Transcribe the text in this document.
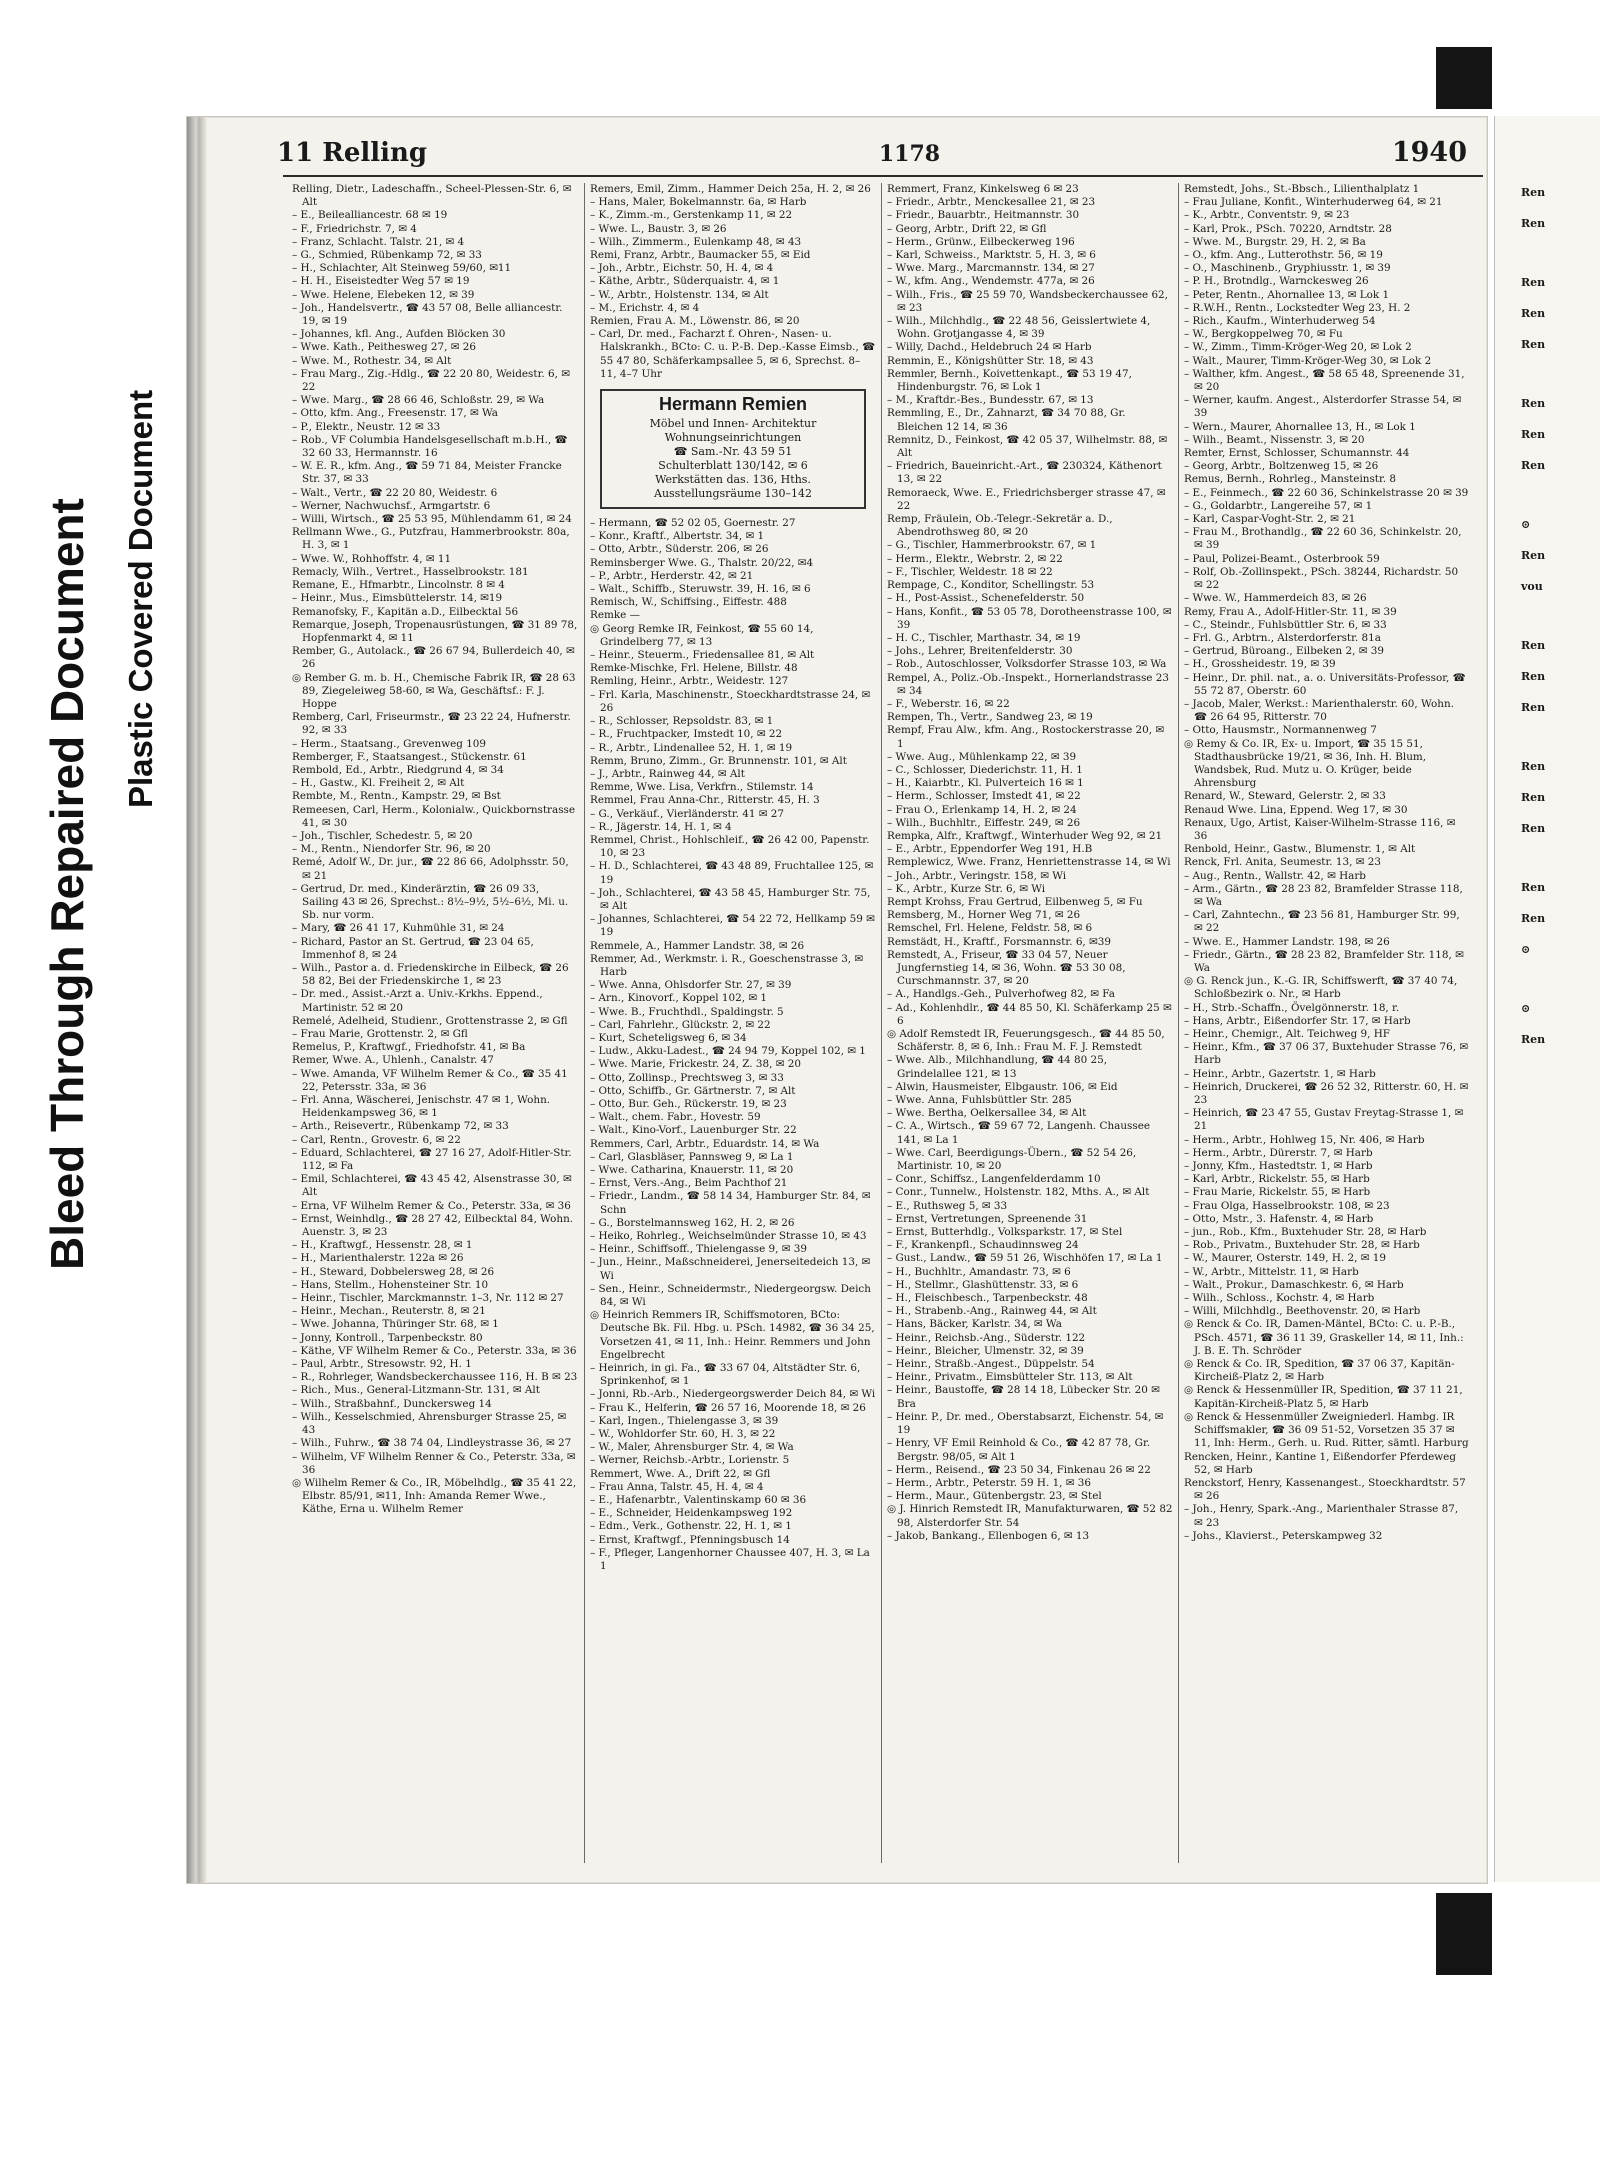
Bleed Through Repaired Document Plastic Covered Document
11 Relling	1178	1940

Relling, Dietr., Ladeschaffn., Scheel-Plessen-Str. 6, ✉ Alt

– E., Beilealliancestr. 68 ✉ 19

– F., Friedrichstr. 7, ✉ 4

– Franz, Schlacht. Talstr. 21, ✉ 4

– G., Schmied, Rübenkamp 72, ✉ 33

– H., Schlachter, Alt Steinweg 59/60, ✉11

– H. H., Eiseistedter Weg 57 ✉ 19

– Wwe. Helene, Elebeken 12, ✉ 39

– Joh., Handelsvertr., ☎ 43 57 08, Belle alliancestr. 19, ✉ 19

– Johannes, kfl. Ang., Aufden Blöcken 30

– Wwe. Kath., Peithesweg 27, ✉ 26

– Wwe. M., Rothestr. 34, ✉ Alt

– Frau Marg., Zig.-Hdlg., ☎ 22 20 80, Weidestr. 6, ✉ 22

– Wwe. Marg., ☎ 28 66 46, Schloßstr. 29, ✉ Wa

– Otto, kfm. Ang., Freesenstr. 17, ✉ Wa

– P., Elektr., Neustr. 12 ✉ 33

– Rob., VF Columbia Handelsgesellschaft m.b.H., ☎ 32 60 33, Hermannstr. 16

– W. E. R., kfm. Ang., ☎ 59 71 84, Meister Francke Str. 37, ✉ 33

– Walt., Vertr., ☎ 22 20 80, Weidestr. 6

– Werner, Nachwuchsf., Armgartstr. 6

– Willi, Wirtsch., ☎ 25 53 95, Mühlendamm 61, ✉ 24

Rellmann Wwe., G., Putzfrau, Hammerbrookstr. 80a, H. 3, ✉ 1

– Wwe. W., Rohhoffstr. 4, ✉ 11

Remacly, Wilh., Vertret., Hasselbrookstr. 181

Remane, E., Hfmarbtr., Lincolnstr. 8 ✉ 4

– Heinr., Mus., Eimsbüttelerstr. 14, ✉19

Remanofsky, F., Kapitän a.D., Eilbecktal 56

Remarque, Joseph, Tropenausrüstungen, ☎ 31 89 78, Hopfenmarkt 4, ✉ 11

Rember, G., Autolack., ☎ 26 67 94, Bullerdeich 40, ✉ 26

◎ Rember G. m. b. H., Chemische Fabrik IR, ☎ 28 63 89, Ziegeleiweg 58-60, ✉ Wa, Geschäftsf.: F. J. Hoppe

Remberg, Carl, Friseurmstr., ☎ 23 22 24, Hufnerstr. 92, ✉ 33

– Herm., Staatsang., Grevenweg 109

Remberger, F., Staatsangest., Stückenstr. 61

Rembold, Ed., Arbtr., Riedgrund 4, ✉ 34

– H., Gastw., Kl. Freiheit 2, ✉ Alt

Rembte, M., Rentn., Kampstr. 29, ✉ Bst

Remeesen, Carl, Herm., Kolonialw., Quickbornstrasse 41, ✉ 30

– Joh., Tischler, Schedestr. 5, ✉ 20

– M., Rentn., Niendorfer Str. 96, ✉ 20

Remé, Adolf W., Dr. jur., ☎ 22 86 66, Adolphsstr. 50, ✉ 21

– Gertrud, Dr. med., Kinderärztin, ☎ 26 09 33, Sailing 43 ✉ 26, Sprechst.: 8½–9½, 5½–6½, Mi. u. Sb. nur vorm.

– Mary, ☎ 26 41 17, Kuhmühle 31, ✉ 24

– Richard, Pastor an St. Gertrud, ☎ 23 04 65, Immenhof 8, ✉ 24

– Wilh., Pastor a. d. Friedenskirche in Eilbeck, ☎ 26 58 82, Bei der Friedenskirche 1, ✉ 23

– Dr. med., Assist.-Arzt a. Univ.-Krkhs. Eppend., Martinistr. 52 ✉ 20

Remelé, Adelheid, Studienr., Grottenstrasse 2, ✉ Gfl

– Frau Marie, Grottenstr. 2, ✉ Gfl

Remelus, P., Kraftwgf., Friedhofstr. 41, ✉ Ba

Remer, Wwe. A., Uhlenh., Canalstr. 47

– Wwe. Amanda, VF Wilhelm Remer & Co., ☎ 35 41 22, Petersstr. 33a, ✉ 36

– Frl. Anna, Wäscherei, Jenischstr. 47 ✉ 1, Wohn. Heidenkampsweg 36, ✉ 1

– Arth., Reisevertr., Rübenkamp 72, ✉ 33

– Carl, Rentn., Grovestr. 6, ✉ 22

– Eduard, Schlachterei, ☎ 27 16 27, Adolf-Hitler-Str. 112, ✉ Fa

– Emil, Schlachterei, ☎ 43 45 42, Alsenstrasse 30, ✉ Alt

– Erna, VF Wilhelm Remer & Co., Peterstr. 33a, ✉ 36

– Ernst, Weinhdlg., ☎ 28 27 42, Eilbecktal 84, Wohn. Auenstr. 3, ✉ 23

– H., Kraftwgf., Hessenstr. 28, ✉ 1

– H., Marienthalerstr. 122a ✉ 26

– H., Steward, Dobbelersweg 28, ✉ 26

– Hans, Stellm., Hohensteiner Str. 10

– Heinr., Tischler, Marckmannstr. 1–3, Nr. 112 ✉ 27

– Heinr., Mechan., Reuterstr. 8, ✉ 21

– Wwe. Johanna, Thüringer Str. 68, ✉ 1

– Jonny, Kontroll., Tarpenbeckstr. 80

– Käthe, VF Wilhelm Remer & Co., Peterstr. 33a, ✉ 36

– Paul, Arbtr., Stresowstr. 92, H. 1

– R., Rohrleger, Wandsbeckerchaussee 116, H. B ✉ 23

– Rich., Mus., General-Litzmann-Str. 131, ✉ Alt

– Wilh., Straßbahnf., Dunckersweg 14

– Wilh., Kesselschmied, Ahrensburger Strasse 25, ✉ 43

– Wilh., Fuhrw., ☎ 38 74 04, Lindleystrasse 36, ✉ 27

– Wilhelm, VF Wilhelm Renner & Co., Peterstr. 33a, ✉ 36

◎ Wilhelm Remer & Co., IR, Möbelhdlg., ☎ 35 41 22, Elbstr. 85/91, ✉11, Inh: Amanda Remer Wwe., Käthe, Erna u. Wilhelm Remer

Remers, Emil, Zimm., Hammer Deich 25a, H. 2, ✉ 26

– Hans, Maler, Bokelmannstr. 6a, ✉ Harb

– K., Zimm.-m., Gerstenkamp 11, ✉ 22

– Wwe. L., Baustr. 3, ✉ 26

– Wilh., Zimmerm., Eulenkamp 48, ✉ 43

Remi, Franz, Arbtr., Baumacker 55, ✉ Eid

– Joh., Arbtr., Eichstr. 50, H. 4, ✉ 4

– Käthe, Arbtr., Süderquaistr. 4, ✉ 1

– W., Arbtr., Holstenstr. 134, ✉ Alt

– M., Erichstr. 4, ✉ 4

Remien, Frau A. M., Löwenstr. 86, ✉ 20

– Carl, Dr. med., Facharzt f. Ohren-, Nasen- u. Halskrankh., BCto: C. u. P.-B. Dep.-Kasse Eimsb., ☎ 55 47 80, Schäferkampsallee 5, ✉ 6, Sprechst. 8–11, 4–7 Uhr

Hermann Remien
Möbel und Innen- Architektur
Wohnungseinrichtungen
☎ Sam.-Nr. 43 59 51
Schulterblatt 130/142, ✉ 6
Werkstätten das. 136, Hths.
Ausstellungsräume 130–142

– Hermann, ☎ 52 02 05, Goernestr. 27

– Konr., Kraftf., Albertstr. 34, ✉ 1

– Otto, Arbtr., Süderstr. 206, ✉ 26

Reminsberger Wwe. G., Thalstr. 20/22, ✉4

– P., Arbtr., Herderstr. 42, ✉ 21

– Walt., Schiffb., Steruwstr. 39, H. 16, ✉ 6

Remisch, W., Schiffsing., Eiffestr. 488

Remke —

◎ Georg Remke IR, Feinkost, ☎ 55 60 14, Grindelberg 77, ✉ 13

– Heinr., Steuerm., Friedensallee 81, ✉ Alt

Remke-Mischke, Frl. Helene, Billstr. 48

Remling, Heinr., Arbtr., Weidestr. 127

– Frl. Karla, Maschinenstr., Stoeckhardtstrasse 24, ✉ 26

– R., Schlosser, Repsoldstr. 83, ✉ 1

– R., Fruchtpacker, Imstedt 10, ✉ 22

– R., Arbtr., Lindenallee 52, H. 1, ✉ 19

Remm, Bruno, Zimm., Gr. Brunnenstr. 101, ✉ Alt

– J., Arbtr., Rainweg 44, ✉ Alt

Remme, Wwe. Lisa, Verkfrn., Stilemstr. 14

Remmel, Frau Anna-Chr., Ritterstr. 45, H. 3

– G., Verkäuf., Vierländerstr. 41 ✉ 27

– R., Jägerstr. 14, H. 1, ✉ 4

Remmel, Christ., Hohlschleif., ☎ 26 42 00, Papenstr. 10, ✉ 23

– H. D., Schlachterei, ☎ 43 48 89, Fruchtallee 125, ✉ 19

– Joh., Schlachterei, ☎ 43 58 45, Hamburger Str. 75, ✉ Alt

– Johannes, Schlachterei, ☎ 54 22 72, Hellkamp 59 ✉ 19

Remmele, A., Hammer Landstr. 38, ✉ 26

Remmer, Ad., Werkmstr. i. R., Goeschenstrasse 3, ✉ Harb

– Wwe. Anna, Ohlsdorfer Str. 27, ✉ 39

– Arn., Kinovorf., Koppel 102, ✉ 1

– Wwe. B., Fruchthdl., Spaldingstr. 5

– Carl, Fahrlehr., Glückstr. 2, ✉ 22

– Kurt, Scheteligsweg 6, ✉ 34

– Ludw., Akku-Ladest., ☎ 24 94 79, Koppel 102, ✉ 1

– Wwe. Marie, Frickestr. 24, Z. 38, ✉ 20

– Otto, Zollinsp., Prechtsweg 3, ✉ 33

– Otto, Schiffb., Gr. Gärtnerstr. 7, ✉ Alt

– Otto, Bur. Geh., Rückerstr. 19, ✉ 23

– Walt., chem. Fabr., Hovestr. 59

– Walt., Kino-Vorf., Lauenburger Str. 22

Remmers, Carl, Arbtr., Eduardstr. 14, ✉ Wa

– Carl, Glasbläser, Pannsweg 9, ✉ La 1

– Wwe. Catharina, Knauerstr. 11, ✉ 20

– Ernst, Vers.-Ang., Beim Pachthof 21

– Friedr., Landm., ☎ 58 14 34, Hamburger Str. 84, ✉ Schn

– G., Borstelmannsweg 162, H. 2, ✉ 26

– Heiko, Rohrleg., Weichselmünder Strasse 10, ✉ 43

– Heinr., Schiffsoff., Thielengasse 9, ✉ 39

– Jun., Heinr., Maßschneiderei, Jenerseitedeich 13, ✉ Wi

– Sen., Heinr., Schneidermstr., Niedergeorgsw. Deich 84, ✉ Wi

◎ Heinrich Remmers IR, Schiffsmotoren, BCto: Deutsche Bk. Fil. Hbg. u. PSch. 14982, ☎ 36 34 25, Vorsetzen 41, ✉ 11, Inh.: Heinr. Remmers und John Engelbrecht

– Heinrich, in gi. Fa., ☎ 33 67 04, Altstädter Str. 6, Sprinkenhof, ✉ 1

– Jonni, Rb.-Arb., Niedergeorgswerder Deich 84, ✉ Wi

– Frau K., Helferin, ☎ 26 57 16, Moorende 18, ✉ 26

– Karl, Ingen., Thielengasse 3, ✉ 39

– W., Wohldorfer Str. 60, H. 3, ✉ 22

– W., Maler, Ahrensburger Str. 4, ✉ Wa

– Werner, Reichsb.-Arbtr., Lorienstr. 5

Remmert, Wwe. A., Drift 22, ✉ Gfl

– Frau Anna, Talstr. 45, H. 4, ✉ 4

– E., Hafenarbtr., Valentinskamp 60 ✉ 36

– E., Schneider, Heidenkampsweg 192

– Edm., Verk., Gothenstr. 22, H. 1, ✉ 1

– Ernst, Kraftwgf., Pfenningsbusch 14

– F., Pfleger, Langenhorner Chaussee 407, H. 3, ✉ La 1

Remmert, Franz, Kinkelsweg 6 ✉ 23

– Friedr., Arbtr., Menckesallee 21, ✉ 23

– Friedr., Bauarbtr., Heitmannstr. 30

– Georg, Arbtr., Drift 22, ✉ Gfl

– Herm., Grünw., Eilbeckerweg 196

– Karl, Schweiss., Marktstr. 5, H. 3, ✉ 6

– Wwe. Marg., Marcmannstr. 134, ✉ 27

– W., kfm. Ang., Wendemstr. 477a, ✉ 26

– Wilh., Fris., ☎ 25 59 70, Wandsbeckerchaussee 62, ✉ 23

– Wilh., Milchhdlg., ☎ 22 48 56, Geisslertwiete 4, Wohn. Grotjangasse 4, ✉ 39

– Willy, Dachd., Heldebruch 24 ✉ Harb

Remmin, E., Königshütter Str. 18, ✉ 43

Remmler, Bernh., Koivettenkapt., ☎ 53 19 47, Hindenburgstr. 76, ✉ Lok 1

– M., Kraftdr.-Bes., Bundesstr. 67, ✉ 13

Remmling, E., Dr., Zahnarzt, ☎ 34 70 88, Gr. Bleichen 12 14, ✉ 36

Remnitz, D., Feinkost, ☎ 42 05 37, Wilhelmstr. 88, ✉ Alt

– Friedrich, Baueinricht.-Art., ☎ 230324, Käthenort 13, ✉ 22

Remoraeck, Wwe. E., Friedrichsberger strasse 47, ✉ 22

Remp, Fräulein, Ob.-Telegr.-Sekretär a. D., Abendrothsweg 80, ✉ 20

– G., Tischler, Hammerbrookstr. 67, ✉ 1

– Herm., Elektr., Webrstr. 2, ✉ 22

– F., Tischler, Weldestr. 18 ✉ 22

Rempage, C., Konditor, Schellingstr. 53

– H., Post-Assist., Schenefelderstr. 50

– Hans, Konfit., ☎ 53 05 78, Dorotheenstrasse 100, ✉ 39

– H. C., Tischler, Marthastr. 34, ✉ 19

– Johs., Lehrer, Breitenfelderstr. 30

– Rob., Autoschlosser, Volksdorfer Strasse 103, ✉ Wa

Rempel, A., Poliz.-Ob.-Inspekt., Hornerlandstrasse 23 ✉ 34

– F., Weberstr. 16, ✉ 22

Rempen, Th., Vertr., Sandweg 23, ✉ 19

Rempf, Frau Alw., kfm. Ang., Rostockerstrasse 20, ✉ 1

– Wwe. Aug., Mühlenkamp 22, ✉ 39

– C., Schlosser, Diederichstr. 11, H. 1

– H., Kaiarbtr., Kl. Pulverteich 16 ✉ 1

– Herm., Schlosser, Imstedt 41, ✉ 22

– Frau O., Erlenkamp 14, H. 2, ✉ 24

– Wilh., Buchhltr., Eiffestr. 249, ✉ 26

Rempka, Alfr., Kraftwgf., Winterhuder Weg 92, ✉ 21

– E., Arbtr., Eppendorfer Weg 191, H.B

Remplewicz, Wwe. Franz, Henriettenstrasse 14, ✉ Wi

– Joh., Arbtr., Veringstr. 158, ✉ Wi

– K., Arbtr., Kurze Str. 6, ✉ Wi

Rempt Krohss, Frau Gertrud, Eilbenweg 5, ✉ Fu

Remsberg, M., Horner Weg 71, ✉ 26

Remschel, Frl. Helene, Feldstr. 58, ✉ 6

Remstädt, H., Kraftf., Forsmannstr. 6, ✉39

Remstedt, A., Friseur, ☎ 33 04 57, Neuer Jungfernstieg 14, ✉ 36, Wohn. ☎ 53 30 08, Curschmannstr. 37, ✉ 20

– A., Handlgs.-Geh., Pulverhofweg 82, ✉ Fa

– Ad., Kohlenhdlr., ☎ 44 85 50, Kl. Schäferkamp 25 ✉ 6

◎ Adolf Remstedt IR, Feuerungsgesch., ☎ 44 85 50, Schäferstr. 8, ✉ 6, Inh.: Frau M. F. J. Remstedt

– Wwe. Alb., Milchhandlung, ☎ 44 80 25, Grindelallee 121, ✉ 13

– Alwin, Hausmeister, Elbgaustr. 106, ✉ Eid

– Wwe. Anna, Fuhlsbüttler Str. 285

– Wwe. Bertha, Oelkersallee 34, ✉ Alt

– C. A., Wirtsch., ☎ 59 67 72, Langenh. Chaussee 141, ✉ La 1

– Wwe. Carl, Beerdigungs-Übern., ☎ 52 54 26, Martinistr. 10, ✉ 20

– Conr., Schiffsz., Langenfelderdamm 10

– Conr., Tunnelw., Holstenstr. 182, Mths. A., ✉ Alt

– E., Ruthsweg 5, ✉ 33

– Ernst, Vertretungen, Spreenende 31

– Ernst, Butterhdlg., Volksparkstr. 17, ✉ Stel

– F., Krankenpfl., Schaudinnsweg 24

– Gust., Landw., ☎ 59 51 26, Wischhöfen 17, ✉ La 1

– H., Buchhltr., Amandastr. 73, ✉ 6

– H., Stellmr., Glashüttenstr. 33, ✉ 6

– H., Fleischbesch., Tarpenbeckstr. 48

– H., Strabenb.-Ang., Rainweg 44, ✉ Alt

– Hans, Bäcker, Karlstr. 34, ✉ Wa

– Heinr., Reichsb.-Ang., Süderstr. 122

– Heinr., Bleicher, Ulmenstr. 32, ✉ 39

– Heinr., Straßb.-Angest., Düppelstr. 54

– Heinr., Privatm., Eimsbütteler Str. 113, ✉ Alt

– Heinr., Baustoffe, ☎ 28 14 18, Lübecker Str. 20 ✉ Bra

– Heinr. P., Dr. med., Oberstabsarzt, Eichenstr. 54, ✉ 19

– Henry, VF Emil Reinhold & Co., ☎ 42 87 78, Gr. Bergstr. 98/05, ✉ Alt 1

– Herm., Reisend., ☎ 23 50 34, Finkenau 26 ✉ 22

– Herm., Arbtr., Peterstr. 59 H. 1, ✉ 36

– Herm., Maur., Gütenbergstr. 23, ✉ Stel

◎ J. Hinrich Remstedt IR, Manufakturwaren, ☎ 52 82 98, Alsterdorfer Str. 54

– Jakob, Bankang., Ellenbogen 6, ✉ 13

Remstedt, Johs., St.-Bbsch., Lilienthalplatz 1

– Frau Juliane, Konfit., Winterhuderweg 64, ✉ 21

– K., Arbtr., Conventstr. 9, ✉ 23

– Karl, Prok., PSch. 70220, Arndtstr. 28

– Wwe. M., Burgstr. 29, H. 2, ✉ Ba

– O., kfm. Ang., Lutterothstr. 56, ✉ 19

– O., Maschinenb., Gryphiusstr. 1, ✉ 39

– P. H., Brotndlg., Warnckesweg 26

– Peter, Rentn., Ahornallee 13, ✉ Lok 1

– R.W.H., Rentn., Lockstedter Weg 23, H. 2

– Rich., Kaufm., Winterhuderweg 54

– W., Bergkoppelweg 70, ✉ Fu

– W., Zimm., Timm-Kröger-Weg 20, ✉ Lok 2

– Walt., Maurer, Timm-Kröger-Weg 30, ✉ Lok 2

– Walther, kfm. Angest., ☎ 58 65 48, Spreenende 31, ✉ 20

– Werner, kaufm. Angest., Alsterdorfer Strasse 54, ✉ 39

– Wern., Maurer, Ahornallee 13, H., ✉ Lok 1

– Wilh., Beamt., Nissenstr. 3, ✉ 20

Remter, Ernst, Schlosser, Schumannstr. 44

– Georg, Arbtr., Boltzenweg 15, ✉ 26

Remus, Bernh., Rohrleg., Mansteinstr. 8

– E., Feinmech., ☎ 22 60 36, Schinkelstrasse 20 ✉ 39

– G., Goldarbtr., Langereihe 57, ✉ 1

– Karl, Caspar-Voght-Str. 2, ✉ 21

– Frau M., Brothandlg., ☎ 22 60 36, Schinkelstr. 20, ✉ 39

– Paul, Polizei-Beamt., Osterbrook 59

– Rolf, Ob.-Zollinspekt., PSch. 38244, Richardstr. 50 ✉ 22

– Wwe. W., Hammerdeich 83, ✉ 26

Remy, Frau A., Adolf-Hitler-Str. 11, ✉ 39

– C., Steindr., Fuhlsbüttler Str. 6, ✉ 33

– Frl. G., Arbtrn., Alsterdorferstr. 81a

– Gertrud, Büroang., Eilbeken 2, ✉ 39

– H., Grossheidestr. 19, ✉ 39

– Heinr., Dr. phil. nat., a. o. Universitäts-Professor, ☎ 55 72 87, Oberstr. 60

– Jacob, Maler, Werkst.: Marienthalerstr. 60, Wohn. ☎ 26 64 95, Ritterstr. 70

– Otto, Hausmstr., Normannenweg 7

◎ Remy & Co. IR, Ex- u. Import, ☎ 35 15 51, Stadthausbrücke 19/21, ✉ 36, Inh. H. Blum, Wandsbek, Rud. Mutz u. O. Krüger, beide Ahrensburg

Renard, W., Steward, Gelerstr. 2, ✉ 33

Renaud Wwe. Lina, Eppend. Weg 17, ✉ 30

Renaux, Ugo, Artist, Kaiser-Wilhelm-Strasse 116, ✉ 36

Renbold, Heinr., Gastw., Blumenstr. 1, ✉ Alt

Renck, Frl. Anita, Seumestr. 13, ✉ 23

– Aug., Rentn., Wallstr. 42, ✉ Harb

– Arm., Gärtn., ☎ 28 23 82, Bramfelder Strasse 118, ✉ Wa

– Carl, Zahntechn., ☎ 23 56 81, Hamburger Str. 99, ✉ 22

– Wwe. E., Hammer Landstr. 198, ✉ 26

– Friedr., Gärtn., ☎ 28 23 82, Bramfelder Str. 118, ✉ Wa

◎ G. Renck jun., K.-G. IR, Schiffswerft, ☎ 37 40 74, Schloßbezirk o. Nr., ✉ Harb

– H., Strb.-Schaffn., Övelgönnerstr. 18, r.

– Hans, Arbtr., Eißendorfer Str. 17, ✉ Harb

– Heinr., Chemigr., Alt. Teichweg 9, HF

– Heinr., Kfm., ☎ 37 06 37, Buxtehuder Strasse 76, ✉ Harb

– Heinr., Arbtr., Gazertstr. 1, ✉ Harb

– Heinrich, Druckerei, ☎ 26 52 32, Ritterstr. 60, H. ✉ 23

– Heinrich, ☎ 23 47 55, Gustav Freytag-Strasse 1, ✉ 21

– Herm., Arbtr., Hohlweg 15, Nr. 406, ✉ Harb

– Herm., Arbtr., Dürerstr. 7, ✉ Harb

– Jonny, Kfm., Hastedtstr. 1, ✉ Harb

– Karl, Arbtr., Rickelstr. 55, ✉ Harb

– Frau Marie, Rickelstr. 55, ✉ Harb

– Frau Olga, Hasselbrookstr. 108, ✉ 23

– Otto, Mstr., 3. Hafenstr. 4, ✉ Harb

– jun., Rob., Kfm., Buxtehuder Str. 28, ✉ Harb

– Rob., Privatm., Buxtehuder Str. 28, ✉ Harb

– W., Maurer, Osterstr. 149, H. 2, ✉ 19

– W., Arbtr., Mittelstr. 11, ✉ Harb

– Walt., Prokur., Damaschkestr. 6, ✉ Harb

– Wilh., Schloss., Kochstr. 4, ✉ Harb

– Willi, Milchhdlg., Beethovenstr. 20, ✉ Harb

◎ Renck & Co. IR, Damen-Mäntel, BCto: C. u. P.-B., PSch. 4571, ☎ 36 11 39, Graskeller 14, ✉ 11, Inh.: J. B. E. Th. Schröder

◎ Renck & Co. IR, Spedition, ☎ 37 06 37, Kapitän-Kircheiß-Platz 2, ✉ Harb

◎ Renck & Hessenmüller IR, Spedition, ☎ 37 11 21, Kapitän-Kircheiß-Platz 5, ✉ Harb

◎ Renck & Hessenmüller Zweigniederl. Hambg. IR Schiffsmakler, ☎ 36 09 51-52, Vorsetzen 35 37 ✉ 11, Inh: Herm., Gerh. u. Rud. Ritter, sämtl. Harburg

Rencken, Heinr., Kantine 1, Eißendorfer Pferdeweg 52, ✉ Harb

Renckstorf, Henry, Kassenangest., Stoeckhardtstr. 57 ✉ 26

– Joh., Henry, Spark.-Ang., Marienthaler Strasse 87, ✉ 23

– Johs., Klavierst., Peterskampweg 32

Ren
Ren
Ren
Ren
Ren
Ren
Ren
Ren
⊙
Ren
vou
Ren
Ren
Ren
Ren
Ren
Ren
Ren
Ren
⊙
⊙
Ren
